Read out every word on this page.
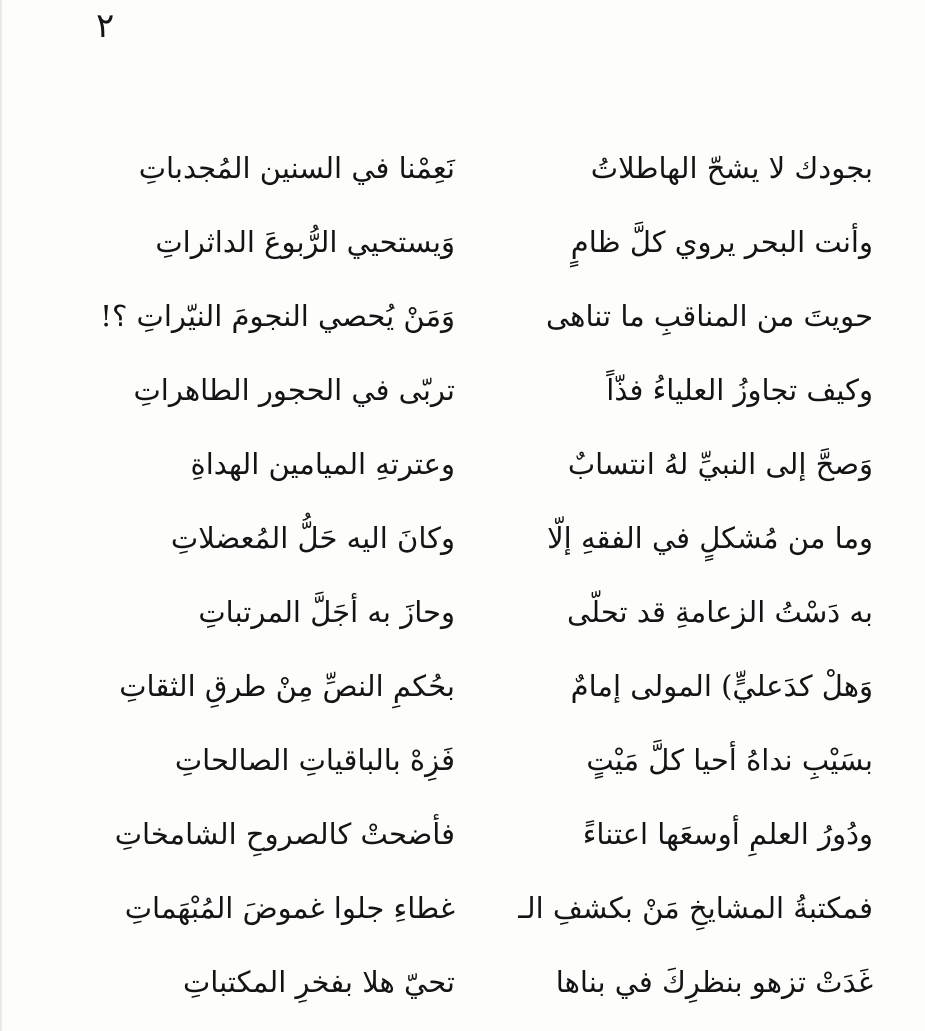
٢
بجودك لا يشحّ الهاطلاتُ
نَعِمْنا في السنين المُجدباتِ
وأنت البحر يروي كلَّ ظامٍ
وَيستحيي الرُّبوعَ الداثراتِ
حويتَ من المناقبِ ما تناهى
وَمَنْ يُحصي النجومَ النيّراتِ ؟!
وكيف تجاوزُ العلياءُ فذّاً
تربّى في الحجور الطاهراتِ
وَصحَّ إلى النبيِّ لهُ انتسابٌ
وعترتهِ الميامين الهداةِ
وما من مُشكلٍ في الفقهِ إلّا
وكانَ اليه حَلُّ المُعضلاتِ
به دَسْتُ الزعامةِ قد تحلّى
وحازَ به أجَلَّ المرتباتِ
وَهلْ كدَعليٍّ) المولى إمامٌ
بحُكمِ النصِّ مِنْ طرقِ الثقاتِ
بسَيْبِ نداهُ أحيا كلَّ مَيْتٍ
فَزِهْ بالباقياتِ الصالحاتِ
ودُورُ العلمِ أوسعَها اعتناءً
فأضحتْ كالصروحِ الشامخاتِ
فمكتبةُ المشايخِ مَنْ بكشفِ الـ
غطاءِ جلوا غموضَ المُبْهَماتِ
غَدَتْ تزهو بنظرِكَ في بناها
تحيّ هلا بفخرِ المكتباتِ
